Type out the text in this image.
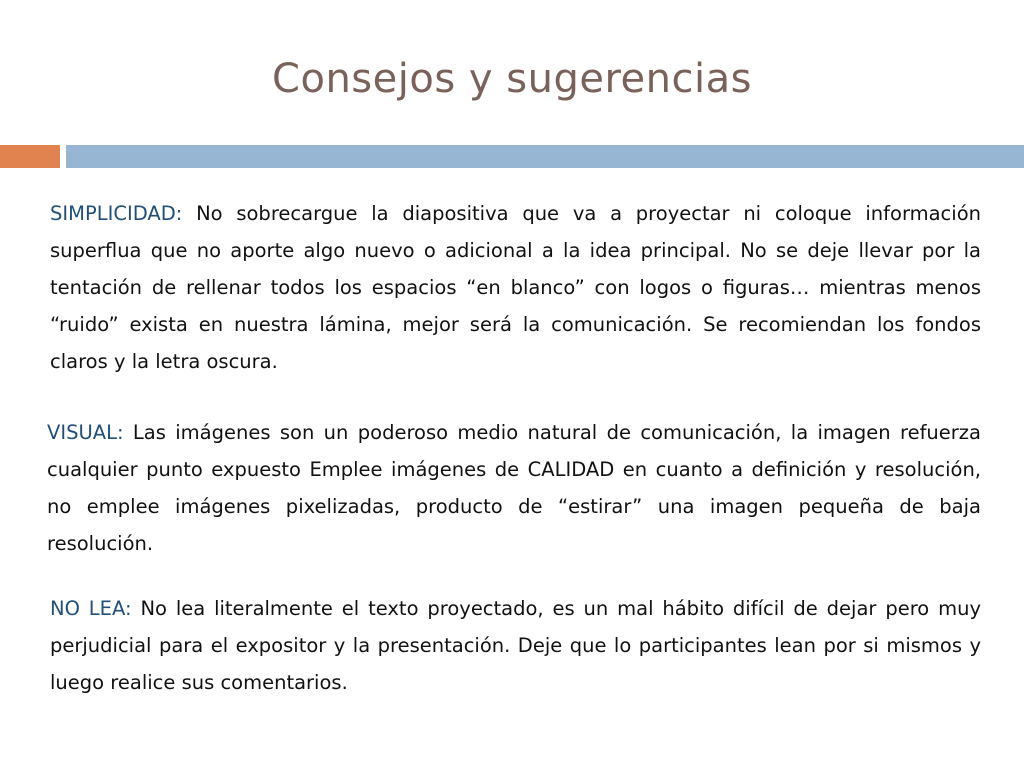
Consejos y sugerencias

SIMPLICIDAD: No sobrecargue la diapositiva que va a proyectar ni coloque información superflua que no aporte algo nuevo o adicional a la idea principal. No se deje llevar por la tentación de rellenar todos los espacios “en blanco” con logos o figuras… mientras menos “ruido” exista en nuestra lámina, mejor será la comunicación. Se recomiendan los fondos claros y la letra oscura.

VISUAL: Las imágenes son un poderoso medio natural de comunicación, la imagen refuerza cualquier punto expuesto Emplee imágenes de CALIDAD en cuanto a definición y resolución, no emplee imágenes pixelizadas, producto de “estirar” una imagen pequeña de baja resolución.

NO LEA: No lea literalmente el texto proyectado, es un mal hábito difícil de dejar pero muy perjudicial para el expositor y la presentación. Deje que lo participantes lean por si mismos y luego realice sus comentarios.
